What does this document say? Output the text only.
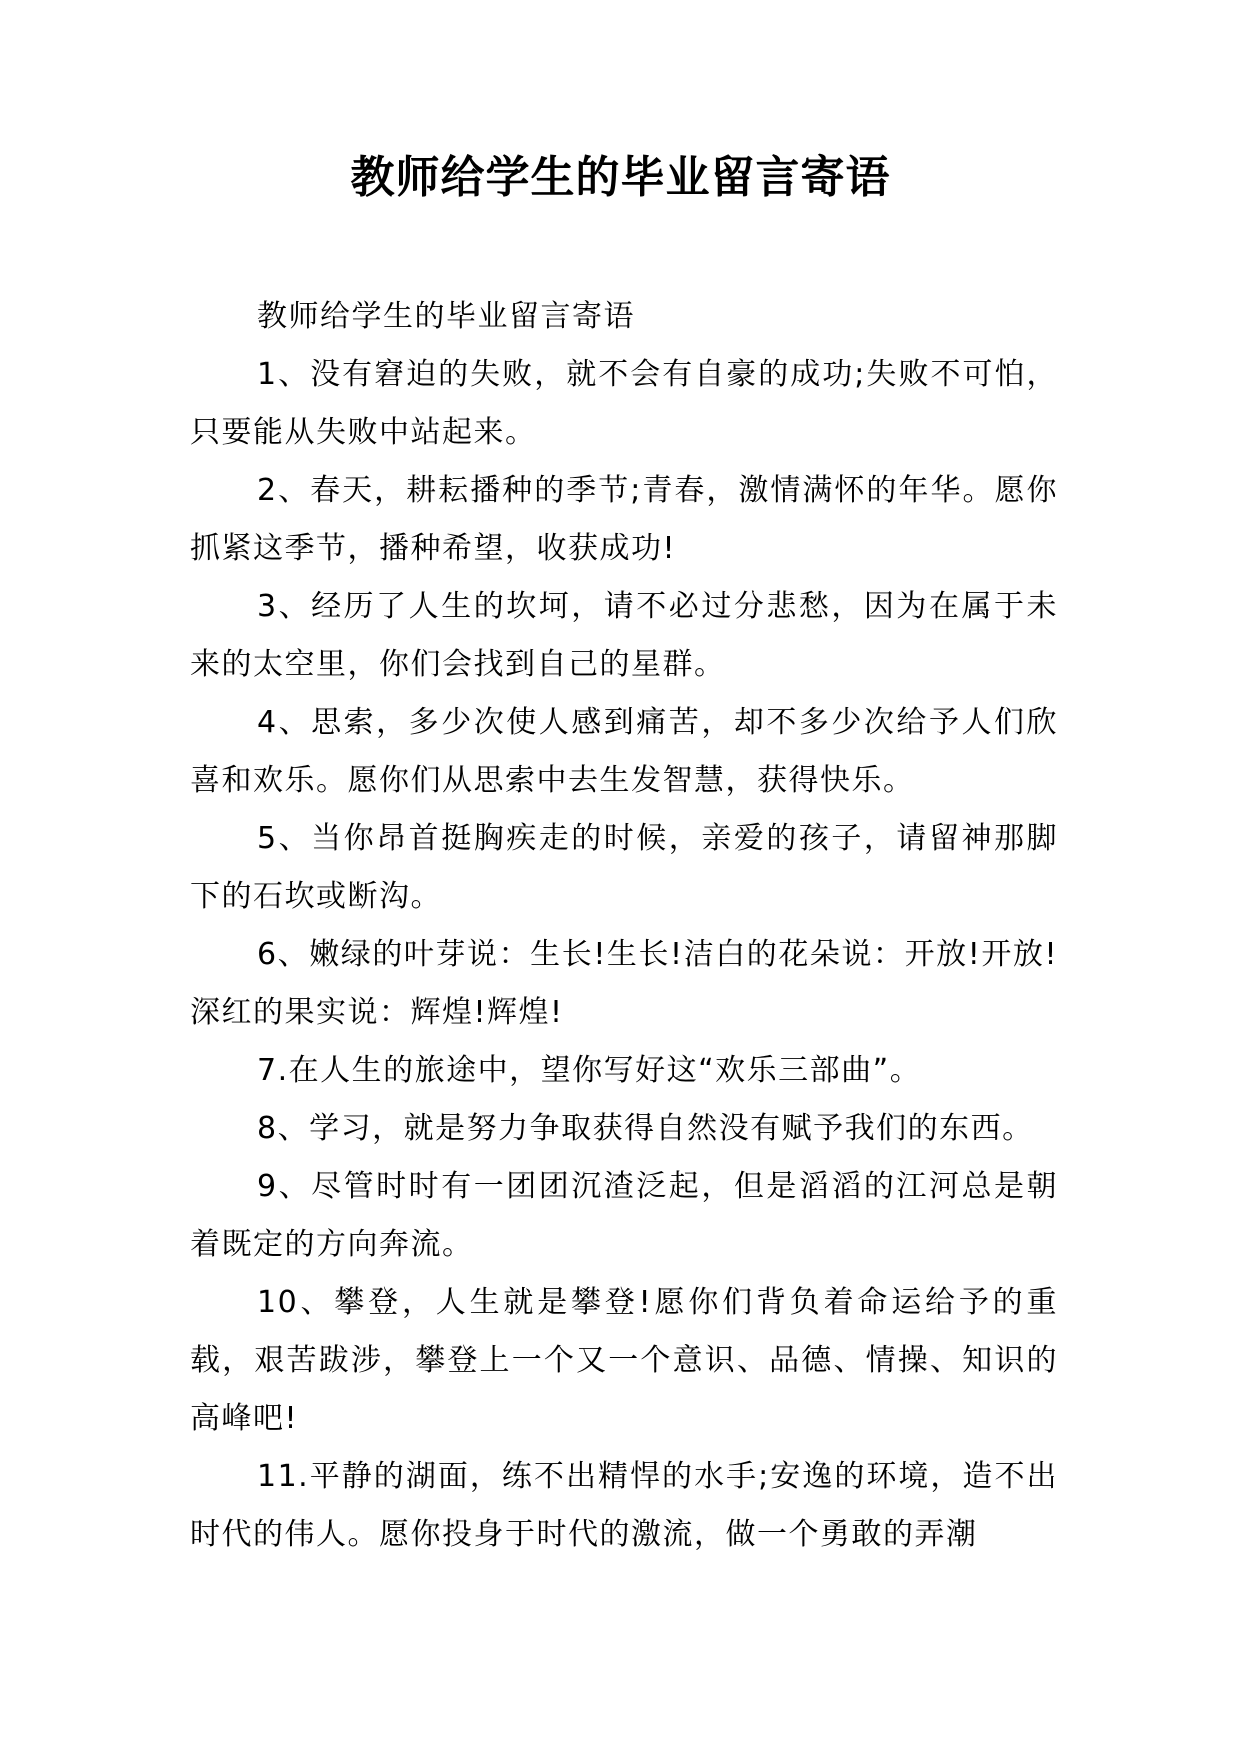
教师给学生的毕业留言寄语

教师给学生的毕业留言寄语

1、没有窘迫的失败，就不会有自豪的成功;失败不可怕，只要能从失败中站起来。

2、春天，耕耘播种的季节;青春，激情满怀的年华。愿你抓紧这季节，播种希望，收获成功!

3、经历了人生的坎坷，请不必过分悲愁，因为在属于未来的太空里，你们会找到自己的星群。

4、思索，多少次使人感到痛苦，却不多少次给予人们欣喜和欢乐。愿你们从思索中去生发智慧，获得快乐。

5、当你昂首挺胸疾走的时候，亲爱的孩子，请留神那脚下的石坎或断沟。

6、嫩绿的叶芽说：生长!生长!洁白的花朵说：开放!开放!深红的果实说：辉煌!辉煌!

7.在人生的旅途中，望你写好这“欢乐三部曲”。

8、学习，就是努力争取获得自然没有赋予我们的东西。

9、尽管时时有一团团沉渣泛起，但是滔滔的江河总是朝着既定的方向奔流。

10、攀登，人生就是攀登!愿你们背负着命运给予的重载，艰苦跋涉，攀登上一个又一个意识、品德、情操、知识的高峰吧!

11.平静的湖面，练不出精悍的水手;安逸的环境，造不出时代的伟人。愿你投身于时代的激流，做一个勇敢的弄潮
